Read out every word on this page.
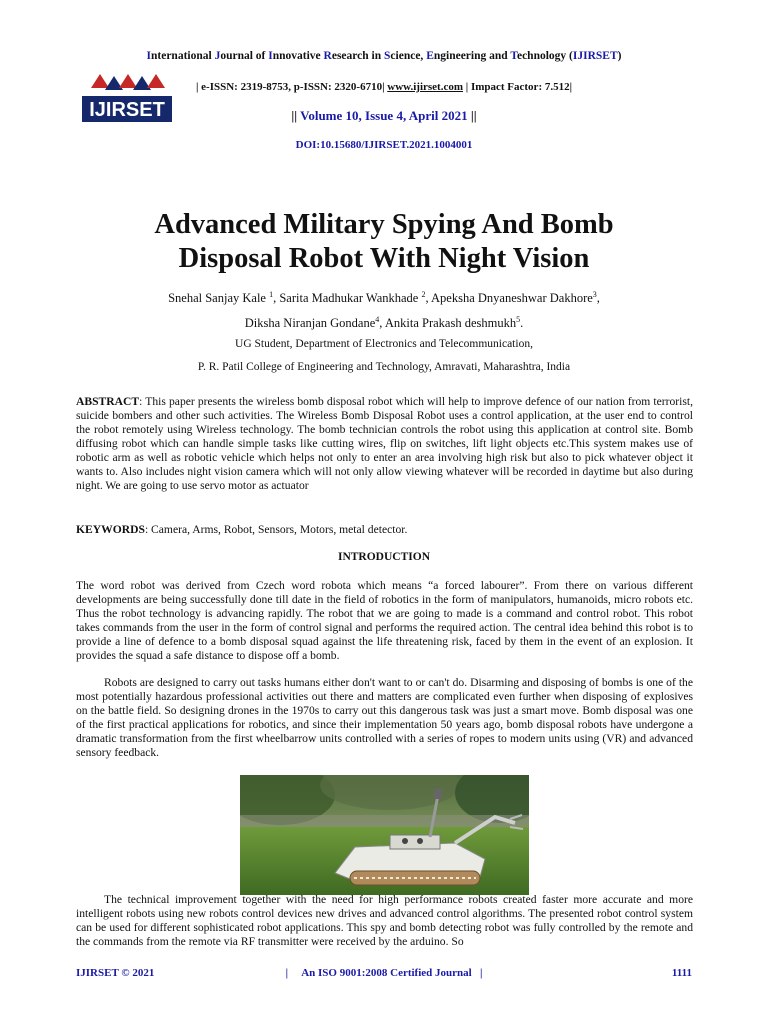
International Journal of Innovative Research in Science, Engineering and Technology (IJIRSET)
IJIRSET
| e-ISSN: 2319-8753, p-ISSN: 2320-6710| www.ijirset.com | Impact Factor: 7.512|
|| Volume 10, Issue 4, April 2021 ||
DOI:10.15680/IJIRSET.2021.1004001
Advanced Military Spying And Bomb
Disposal Robot With Night Vision
Snehal Sanjay Kale $^1$, Sarita Madhukar Wankhade $^2$, Apeksha Dnyaneshwar Dakhore$^3$,
Diksha Niranjan Gondane$^4$, Ankita Prakash deshmukh$^5$.
UG Student, Department of Electronics and Telecommunication,
P. R. Patil College of Engineering and Technology, Amravati, Maharashtra, India
ABSTRACT: This paper presents the wireless bomb disposal robot which will help to improve defence of our nation from terrorist, suicide bombers and other such activities. The Wireless Bomb Disposal Robot uses a control application, at the user end to control the robot remotely using Wireless technology. The bomb technician controls the robot using this application at control site. Bomb diffusing robot which can handle simple tasks like cutting wires, flip on switches, lift light objects etc.This system makes use of robotic arm as well as robotic vehicle which helps not only to enter an area involving high risk but also to pick whatever object it wants to. Also includes night vision camera which will not only allow viewing whatever will be recorded in daytime but also during night. We are going to use servo motor as actuator
KEYWORDS: Camera, Arms, Robot, Sensors, Motors, metal detector.
INTRODUCTION
The word robot was derived from Czech word robota which means “a forced labourer”. From there on various different developments are being successfully done till date in the field of robotics in the form of manipulators, humanoids, micro robots etc. Thus the robot technology is advancing rapidly. The robot that we are going to made is a command and control robot. This robot takes commands from the user in the form of control signal and performs the required action. The central idea behind this robot is to provide a line of defence to a bomb disposal squad against the life threatening risk, faced by them in the event of an explosion. It provides the squad a safe distance to dispose off a bomb.
Robots are designed to carry out tasks humans either don't want to or can't do. Disarming and disposing of bombs is one of the most potentially hazardous professional activities out there and matters are complicated even further when disposing of explosives on the battle field. So designing drones in the 1970s to carry out this dangerous task was just a smart move. Bomb disposal was one of the first practical applications for robotics, and since their implementation 50 years ago, bomb disposal robots have undergone a dramatic transformation from the first wheelbarrow units controlled with a series of ropes to modern units using (VR) and advanced sensory feedback.
The technical improvement together with the need for high performance robots created faster more accurate and more intelligent robots using new robots control devices new drives and advanced control algorithms. The presented robot control system can be used for different sophisticated robot applications. This spy and bomb detecting robot was fully controlled by the remote and the commands from the remote via RF transmitter were received by the arduino. So
IJIRSET © 2021	|     An ISO 9001:2008 Certified Journal   |	1111
